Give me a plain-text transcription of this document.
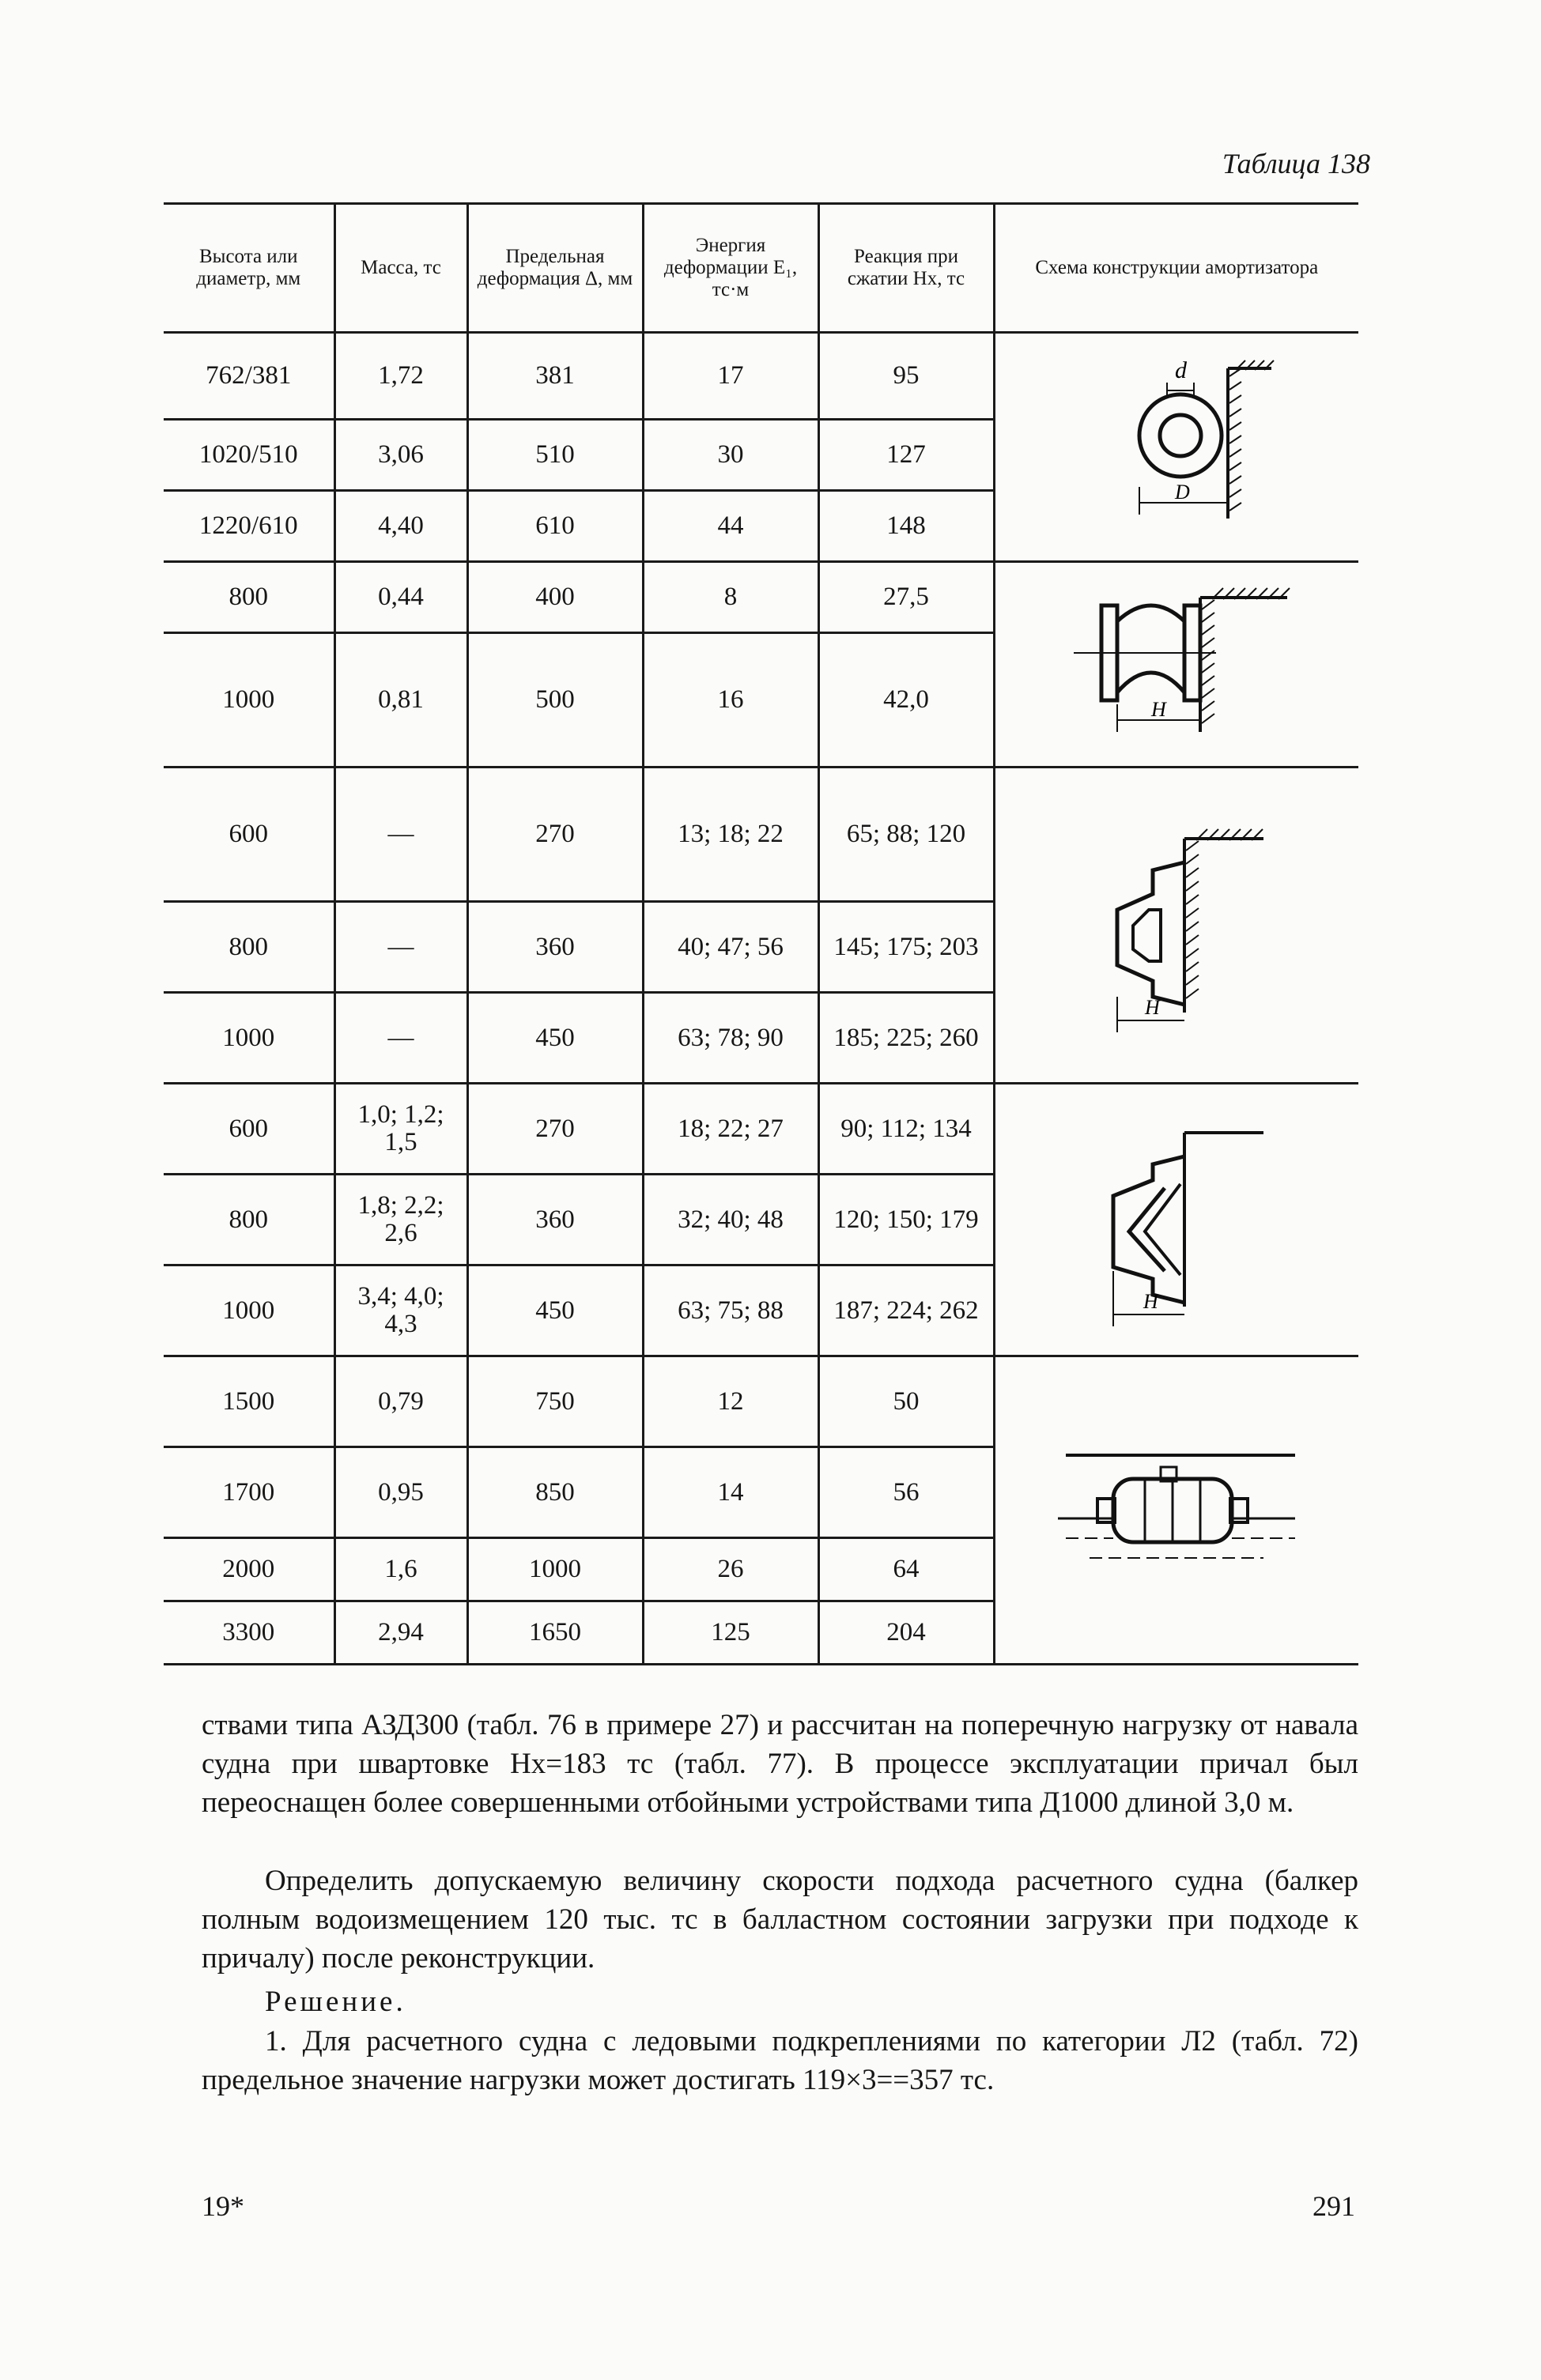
Таблица 138
Высота или диаметр, мм	Масса, тс	Предельная деформация Δ, мм	Энергия деформации E₁, тс·м	Реакция при сжатии Hx, тс	Схема конструкции амортизатора
762/381	1,72	381	17	95	d
D

1020/510	3,06	510	30	127	
1220/610	4,40	610	44	148	
800	0,44	400	8	27,5	H

1000	0,81	500	16	42,0	
600	—	270	13; 18; 22	65; 88; 120	H

800	—	360	40; 47; 56	145; 175; 203	
1000	—	450	63; 78; 90	185; 225; 260	
600	1,0; 1,2; 1,5	270	18; 22; 27	90; 112; 134	H

800	1,8; 2,2; 2,6	360	32; 40; 48	120; 150; 179	
1000	3,4; 4,0; 4,3	450	63; 75; 88	187; 224; 262	
1500	0,79	750	12	50	

1700	0,95	850	14	56	
2000	1,6	1000	26	64	
3300	2,94	1650	125	204	
ствами типа АЗД300 (табл. 76 в примере 27) и рассчитан на поперечную нагрузку от навала судна при швартовке Hx=183 тс (табл. 77). В процессе эксплуатации причал был переоснащен более совершенными отбойными устройствами типа Д1000 длиной 3,0 м.
Определить допускаемую величину скорости подхода расчетного судна (балкер полным водоизмещением 120 тыс. тс в балластном состоянии загрузки при подходе к причалу) после реконструкции.
Решение.
1. Для расчетного судна с ледовыми подкреплениями по категории Л2 (табл. 72) предельное значение нагрузки может достигать 119×3==357 тс.
19*	291
